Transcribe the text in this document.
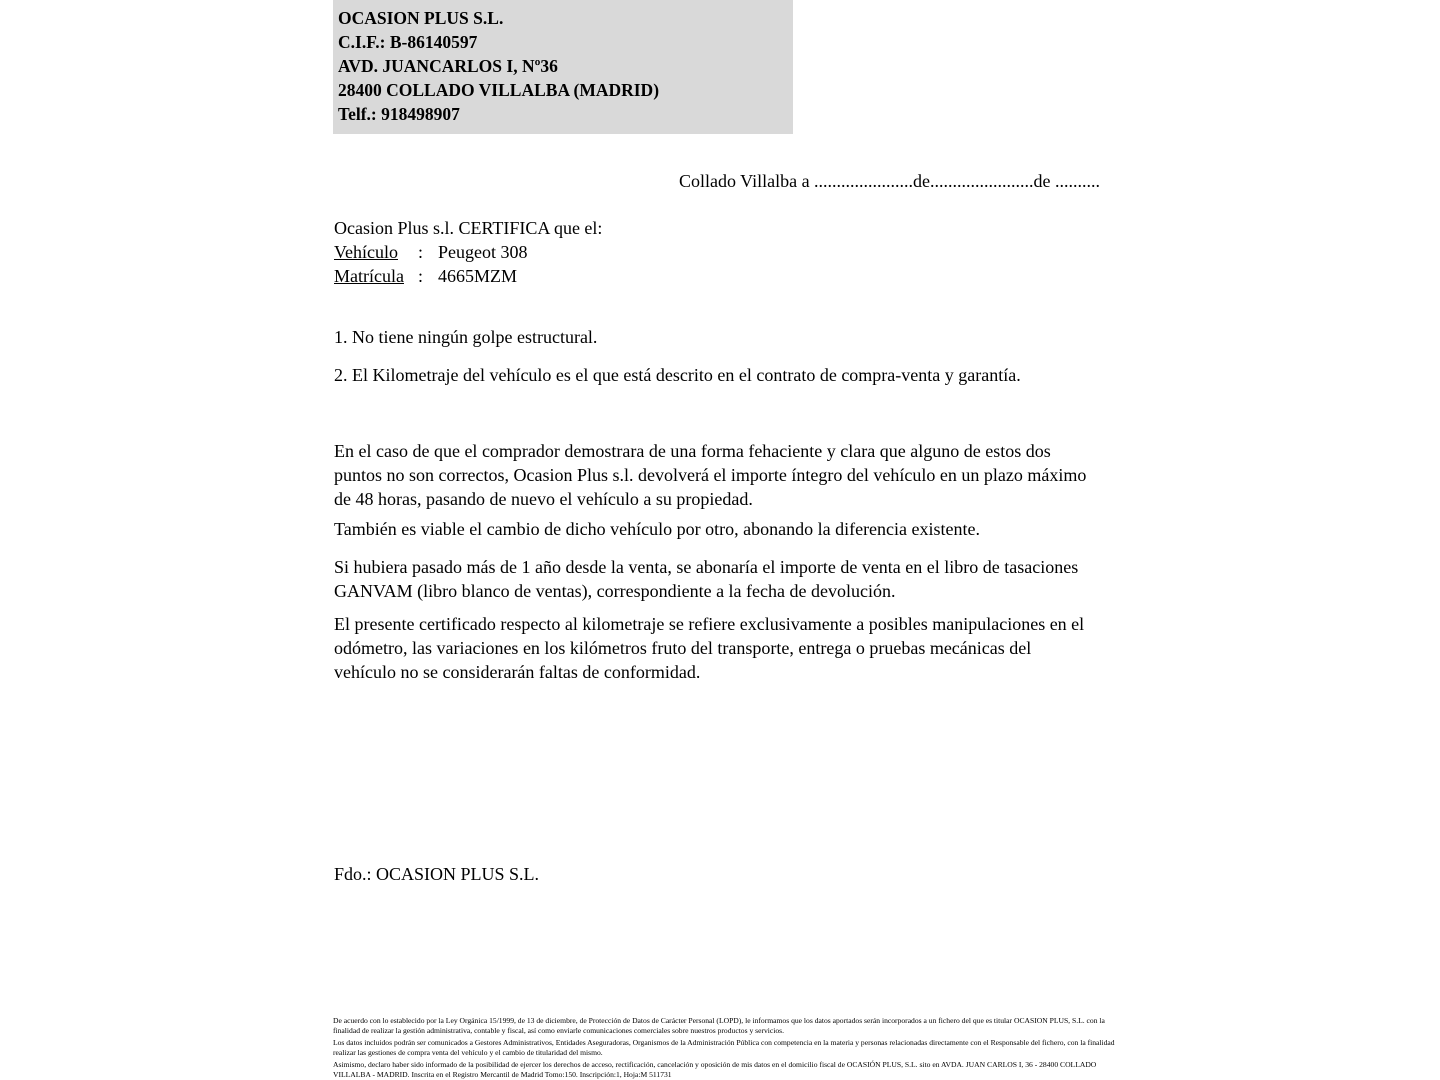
OCASION PLUS S.L.
C.I.F.: B-86140597
AVD. JUANCARLOS I, Nº36
28400 COLLADO VILLALBA (MADRID)
Telf.: 918498907
Collado Villalba a ......................de.......................de ..........
Ocasion Plus s.l. CERTIFICA que el:
Vehículo	: Peugeot 308
Matrícula : 4665MZM
1. No tiene ningún golpe estructural.
2. El Kilometraje del vehículo es el que está descrito en el contrato de compra-venta y garantía.
En el caso de que el comprador demostrara de una forma fehaciente y clara que alguno de estos dos puntos no son correctos, Ocasion Plus s.l. devolverá el importe íntegro del vehículo en un plazo máximo de 48 horas, pasando de nuevo el vehículo a su propiedad.
También es viable el cambio de dicho vehículo por otro, abonando la diferencia existente.
Si hubiera pasado más de 1 año desde la venta, se abonaría el importe de venta en el libro de tasaciones GANVAM (libro blanco de ventas), correspondiente a la fecha de devolución.
El presente certificado respecto al kilometraje se refiere exclusivamente a posibles manipulaciones en el odómetro, las variaciones en los kilómetros fruto del transporte, entrega o pruebas mecánicas del vehículo no se considerarán faltas de conformidad.
Fdo.: OCASION PLUS S.L.

De acuerdo con lo establecido por la Ley Orgánica 15/1999, de 13 de diciembre, de Protección de Datos de Carácter Personal (LOPD), le informamos que los datos aportados serán incorporados a un fichero del que es titular OCASION PLUS, S.L. con la finalidad de realizar la gestión administrativa, contable y fiscal, así como enviarle comunicaciones comerciales sobre nuestros productos y servicios.

Los datos incluidos podrán ser comunicados a Gestores Administrativos, Entidades Aseguradoras, Organismos de la Administración Pública con competencia en la materia y personas relacionadas directamente con el Responsable del fichero, con la finalidad realizar las gestiones de compra venta del vehículo y el cambio de titularidad del mismo.

Asimismo, declaro haber sido informado de la posibilidad de ejercer los derechos de acceso, rectificación, cancelación y oposición de mis datos en el domicilio fiscal de OCASIÓN PLUS, S.L. sito en AVDA. JUAN CARLOS I, 36 - 28400 COLLADO VILLALBA - MADRID. Inscrita en el Registro Mercantil de Madrid Tomo:150. Inscripción:1, Hoja:M 511731
